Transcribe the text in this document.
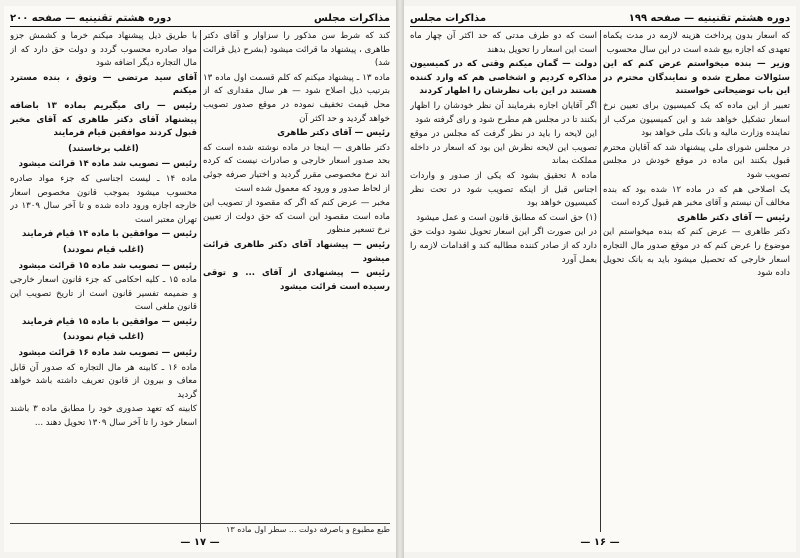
مذاکرات مجلس
دوره هشتم تقنینیه — صفحه ۲۰۰

کند که شرط سن مذکور را سزاوار و آقای دکتر طاهری ، پیشنهاد ما قرائت میشود (بشرح ذیل قرائت شد)

ماده ۱۳ ـ پیشنهاد میکنم که کلم قسمت اول ماده ۱۳ بترتیب ذیل اصلاح شود — هر سال مقداری که از محل قیمت تخفیف نموده در موقع صدور تصویب خواهد گردید و حد اکثر آن

رئیس — آقای دکتر طاهری

دکتر طاهری — اینجا در ماده نوشته شده است که بحد صدور اسعار خارجی و صادرات نیست که کرده اند نرخ مخصوصی مقرر گردید و اختیار صرفه جوئی از لحاظ صدور و ورود که معمول شده است

مخبر — عرض کنم که اگر که مقصود از تصویب این ماده است مقصود این است که حق دولت از تعیین نرخ تسعیر منظور

رئیس — پیشنهاد آقای دکتر طاهری قرائت میشود

رئیس — پیشنهادی از آقای ... و توقی رسیده است قرائت میشود

با طریق ذیل پیشنهاد میکنم خرما و کشمش جزو مواد صادره محسوب گردد و دولت حق دارد که از مال التجاره دیگر اضافه شود

آقای سید مرتضی — وثوق ، بنده مسترد میکنم

رئیس — رای میگیریم بماده ۱۳ باضافه پیشنهاد آقای دکتر طاهری که آقای مخبر قبول کردند موافقین قیام فرمایند

(اغلب برخاستند)

رئیس — تصویب شد ماده ۱۴ قرائت میشود

ماده ۱۴ ـ لیست اجناسی که جزء مواد صادره محسوب میشود بموجب قانون مخصوص اسعار خارجه اجازه ورود داده شده و تا آخر سال ۱۳۰۹ در تهران معتبر است

رئیس — موافقین با ماده ۱۴ قیام فرمایند

(اغلب قیام نمودند)

رئیس — تصویب شد ماده ۱۵ قرائت میشود

ماده ۱۵ ـ کلیه احکامی که جزء قانون اسعار خارجی و ضمیمه تفسیر قانون است از تاریخ تصویب این قانون ملغی است

رئیس — موافقین با ماده ۱۵ قیام فرمایند

(اغلب قیام نمودند)

رئیس — تصویب شد ماده ۱۶ قرائت میشود

ماده ۱۶ ـ کابینه هر مال التجاره که صدور آن قابل معاف و بیرون از قانون تعریف داشته باشد خواهد گردید

کابینه که تعهد صدوری خود را مطابق ماده ۳ باشند اسعار خود را تا آخر سال ۱۳۰۹ تحویل دهند ...

طبع مطبوع و باصرفه دولت ... سطر اول ماده ۱۳
— ۱۷ —
دوره هشتم تقنینیه — صفحه ۱۹۹
مذاکرات مجلس

که اسعار بدون پرداخت هزینه لازمه در مدت یکماه تعهدی که اجازه بیع شده است در این سال محسوب

وزیر — بنده میخواستم عرض کنم که این سئوالات مطرح شده و نمایندگان محترم در این باب توضیحاتی خواستند

تعبیر از این ماده که یک کمیسیون برای تعیین نرخ اسعار تشکیل خواهد شد و این کمیسیون مرکب از نماینده وزارت مالیه و بانک ملی خواهد بود

در مجلس شورای ملی پیشنهاد شد که آقایان محترم قبول بکنند این ماده در موقع خودش در مجلس تصویب شود

یک اصلاحی هم که در ماده ۱۲ شده بود که بنده مخالف آن نیستم و آقای مخبر هم قبول کرده است

رئیس — آقای دکتر طاهری

دکتر طاهری — عرض کنم که بنده میخواستم این موضوع را عرض کنم که در موقع صدور مال التجاره اسعار خارجی که تحصیل میشود باید به بانک تحویل داده شود

است که دو طرف مدتی که حد اکثر آن چهار ماه است این اسعار را تحویل بدهند

دولت — گمان میکنم وقتی که در کمیسیون مذاکره کردیم و اشخاصی هم که وارد کننده هستند در این باب نظرشان را اظهار کردند

اگر آقایان اجازه بفرمایند آن نظر خودشان را اظهار بکنند تا در مجلس هم مطرح شود و رای گرفته شود

این لایحه را باید در نظر گرفت که مجلس در موقع تصویب این لایحه نظرش این بود که اسعار در داخله مملکت بماند

ماده ۸ تحقیق بشود که یکی از صدور و واردات اجناس قبل از اینکه تصویب شود در تحت نظر کمیسیون خواهد بود

(۱) حق است که مطابق قانون است و عمل میشود

در این صورت اگر این اسعار تحویل نشود دولت حق دارد که از صادر کننده مطالبه کند و اقدامات لازمه را بعمل آورد

— ۱۶ —
